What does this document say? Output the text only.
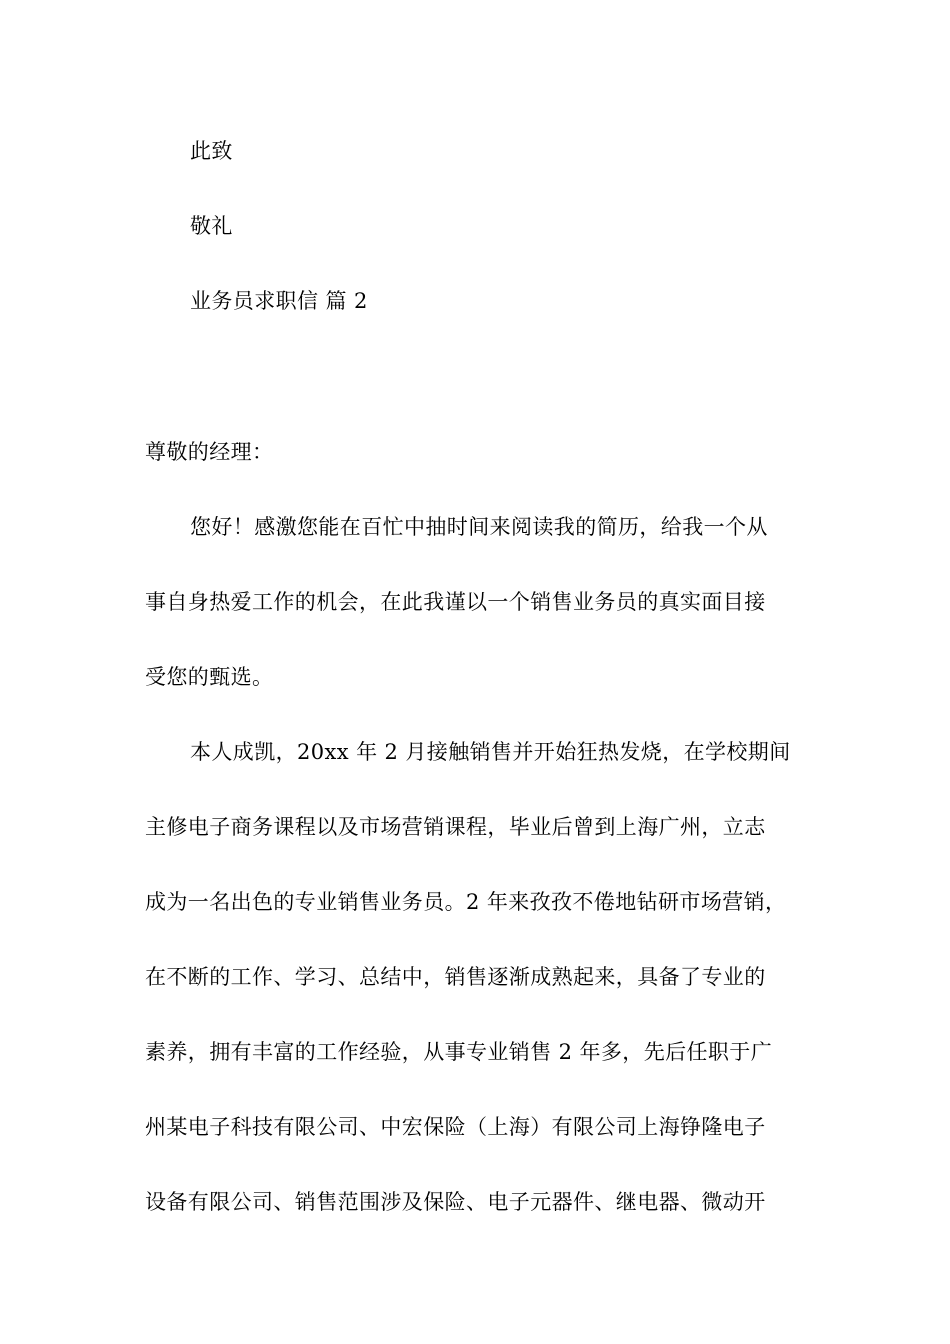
此致
敬礼
业务员求职信 篇 2
尊敬的经理：
您好！感激您能在百忙中抽时间来阅读我的简历，给我一个从
事自身热爱工作的机会，在此我谨以一个销售业务员的真实面目接
受您的甄选。
本人成凯，20xx 年 2 月接触销售并开始狂热发烧，在学校期间
主修电子商务课程以及市场营销课程，毕业后曾到上海广州，立志
成为一名出色的专业销售业务员。2 年来孜孜不倦地钻研市场营销，
在不断的工作、学习、总结中，销售逐渐成熟起来，具备了专业的
素养，拥有丰富的工作经验，从事专业销售 2 年多，先后任职于广
州某电子科技有限公司、中宏保险（上海）有限公司上海铮隆电子
设备有限公司、销售范围涉及保险、电子元器件、继电器、微动开
